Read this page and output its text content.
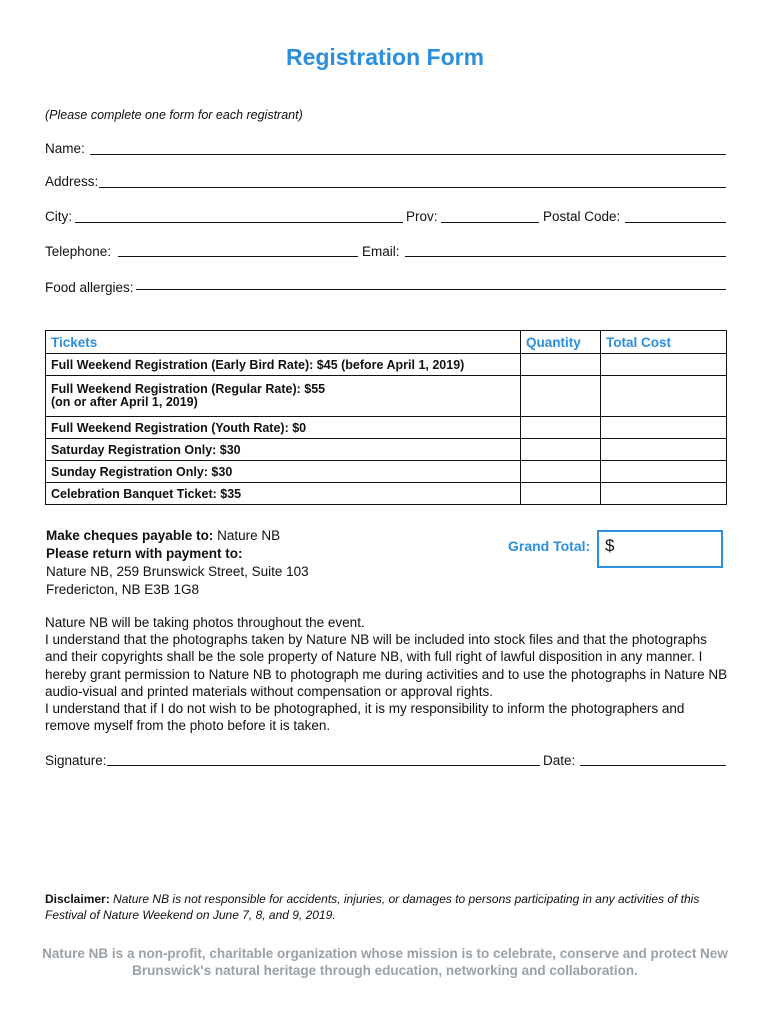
Registration Form
(Please complete one form for each registrant)
Name:
Address:
City:	Prov:	Postal Code:
Telephone:	Email:
Food allergies:
Tickets	Quantity	Total Cost
Full Weekend Registration (Early Bird Rate): $45 (before April 1, 2019)		
Full Weekend Registration (Regular Rate): $55
(on or after April 1, 2019)		
Full Weekend Registration (Youth Rate): $0		
Saturday Registration Only: $30		
Sunday Registration Only: $30		
Celebration Banquet Ticket: $35		
Make cheques payable to: Nature NB
Please return with payment to:
Nature NB, 259 Brunswick Street, Suite 103
Fredericton, NB E3B 1G8
Grand Total: $

Nature NB will be taking photos throughout the event.

I understand that the photographs taken by Nature NB will be included into stock files and that the photographs and their copyrights shall be the sole property of Nature NB, with full right of lawful disposition in any manner. I hereby grant permission to Nature NB to photograph me during activities and to use the photographs in Nature NB audio-visual and printed materials without compensation or approval rights.

I understand that if I do not wish to be photographed, it is my responsibility to inform the photographers and remove myself from the photo before it is taken.

Signature:	Date:
Disclaimer: Nature NB is not responsible for accidents, injuries, or damages to persons participating in any activities of this Festival of Nature Weekend on June 7, 8, and 9, 2019.
Nature NB is a non-profit, charitable organization whose mission is to celebrate, conserve and protect New Brunswick's natural heritage through education, networking and collaboration.
